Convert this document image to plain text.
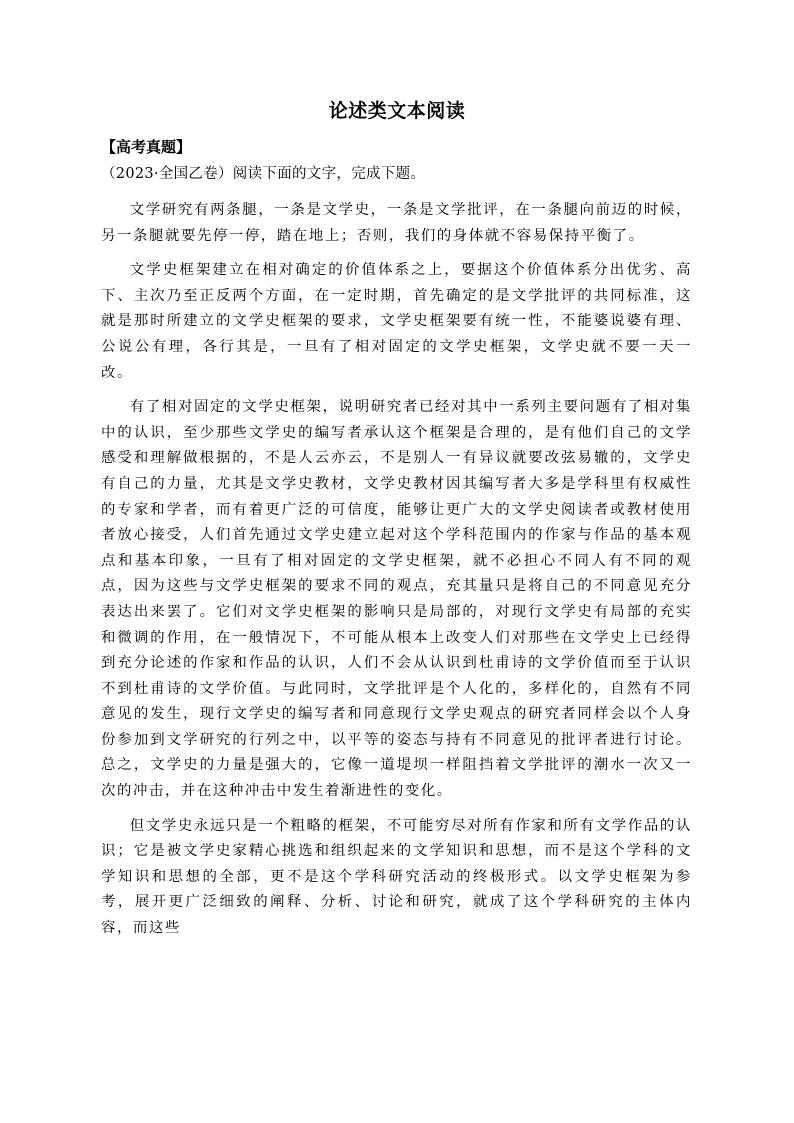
论述类文本阅读
【高考真题】
（2023·全国乙卷）阅读下面的文字，完成下题。

文学研究有两条腿，一条是文学史，一条是文学批评，在一条腿向前迈的时候，另一条腿就要先停一停，踏在地上；否则，我们的身体就不容易保持平衡了。

文学史框架建立在相对确定的价值体系之上，要据这个价值体系分出优劣、高下、主次乃至正反两个方面，在一定时期，首先确定的是文学批评的共同标准，这就是那时所建立的文学史框架的要求，文学史框架要有统一性，不能婆说婆有理、公说公有理，各行其是，一旦有了相对固定的文学史框架，文学史就不要一天一改。

有了相对固定的文学史框架，说明研究者已经对其中一系列主要问题有了相对集中的认识，至少那些文学史的编写者承认这个框架是合理的，是有他们自己的文学感受和理解做根据的，不是人云亦云，不是别人一有异议就要改弦易辙的，文学史有自己的力量，尤其是文学史教材，文学史教材因其编写者大多是学科里有权威性的专家和学者，而有着更广泛的可信度，能够让更广大的文学史阅读者或教材使用者放心接受，人们首先通过文学史建立起对这个学科范围内的作家与作品的基本观点和基本印象，一旦有了相对固定的文学史框架，就不必担心不同人有不同的观点，因为这些与文学史框架的要求不同的观点，充其量只是将自己的不同意见充分表达出来罢了。它们对文学史框架的影响只是局部的，对现行文学史有局部的充实和微调的作用，在一般情况下，不可能从根本上改变人们对那些在文学史上已经得到充分论述的作家和作品的认识，人们不会从认识到杜甫诗的文学价值而至于认识不到杜甫诗的文学价值。与此同时，文学批评是个人化的，多样化的，自然有不同意见的发生，现行文学史的编写者和同意现行文学史观点的研究者同样会以个人身份参加到文学研究的行列之中，以平等的姿态与持有不同意见的批评者进行讨论。总之，文学史的力量是强大的，它像一道堤坝一样阻挡着文学批评的潮水一次又一次的冲击，并在这种冲击中发生着渐进性的变化。

但文学史永远只是一个粗略的框架，不可能穷尽对所有作家和所有文学作品的认识；它是被文学史家精心挑选和组织起来的文学知识和思想，而不是这个学科的文学知识和思想的全部，更不是这个学科研究活动的终极形式。以文学史框架为参考，展开更广泛细致的阐释、分析、讨论和研究，就成了这个学科研究的主体内容，而这些
